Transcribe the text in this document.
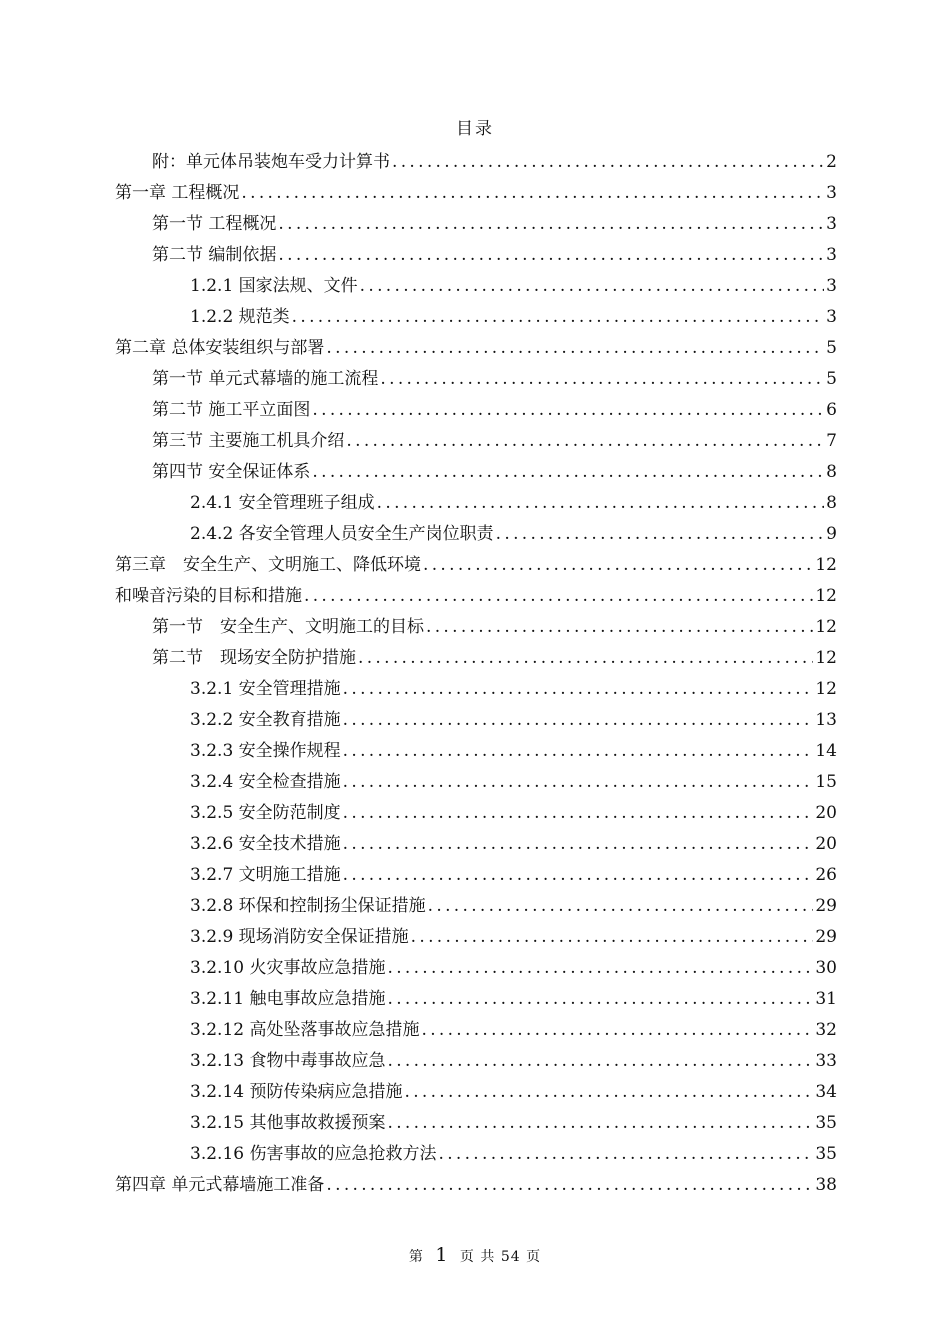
目录
附：单元体吊装炮车受力计算书 .....	2
第一章 工程概况 .....	3
第一节 工程概况 .....	3
第二节 编制依据 .....	3
1.2.1 国家法规、文件 .....	3
1.2.2 规范类 .....	3
第二章 总体安装组织与部署 .....	5
第一节 单元式幕墙的施工流程 .....	5
第二节 施工平立面图 .....	6
第三节 主要施工机具介绍 .....	7
第四节 安全保证体系 .....	8
2.4.1 安全管理班子组成 .....	8
2.4.2 各安全管理人员安全生产岗位职责 .....	9
第三章　安全生产、文明施工、降低环境 .....	12
和噪音污染的目标和措施 .....	12
第一节　安全生产、文明施工的目标 .....	12
第二节　现场安全防护措施 .....	12
3.2.1 安全管理措施 .....	12
3.2.2 安全教育措施 .....	13
3.2.3 安全操作规程 .....	14
3.2.4 安全检查措施 .....	15
3.2.5 安全防范制度 .....	20
3.2.6 安全技术措施 .....	20
3.2.7 文明施工措施 .....	26
3.2.8 环保和控制扬尘保证措施 .....	29
3.2.9 现场消防安全保证措施 .....	29
3.2.10 火灾事故应急措施 .....	30
3.2.11 触电事故应急措施 .....	31
3.2.12 高处坠落事故应急措施 .....	32
3.2.13 食物中毒事故应急 .....	33
3.2.14 预防传染病应急措施 .....	34
3.2.15 其他事故救援预案 .....	35
3.2.16 伤害事故的应急抢救方法 .....	35
第四章 单元式幕墙施工准备 .....	38
第 1 页 共 54 页
